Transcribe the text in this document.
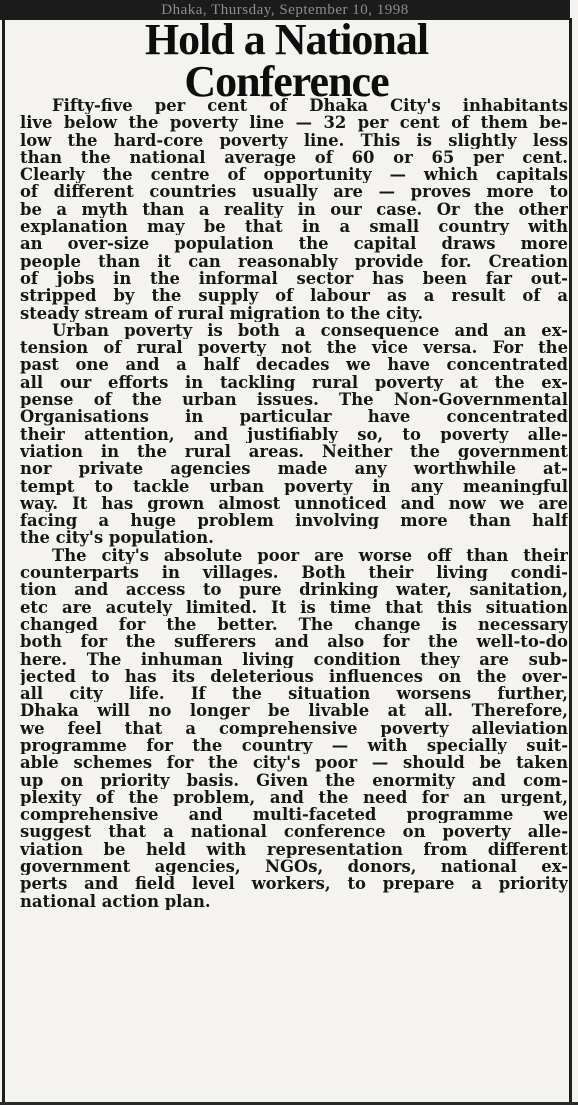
Dhaka, Thursday, September 10, 1998
Hold a National
Conference
Fifty-five per cent of Dhaka City's inhabitants
live below the poverty line — 32 per cent of them be-
low the hard-core poverty line. This is slightly less
than the national average of 60 or 65 per cent.
Clearly the centre of opportunity — which capitals
of different countries usually are — proves more to
be a myth than a reality in our case. Or the other
explanation may be that in a small country with
an over-size population the capital draws more
people than it can reasonably provide for. Creation
of jobs in the informal sector has been far out-
stripped by the supply of labour as a result of a
steady stream of rural migration to the city.
Urban poverty is both a consequence and an ex-
tension of rural poverty not the vice versa. For the
past one and a half decades we have concentrated
all our efforts in tackling rural poverty at the ex-
pense of the urban issues. The Non-Governmental
Organisations in particular have concentrated
their attention, and justifiably so, to poverty alle-
viation in the rural areas. Neither the government
nor private agencies made any worthwhile at-
tempt to tackle urban poverty in any meaningful
way. It has grown almost unnoticed and now we are
facing a huge problem involving more than half
the city's population.
The city's absolute poor are worse off than their
counterparts in villages. Both their living condi-
tion and access to pure drinking water, sanitation,
etc are acutely limited. It is time that this situation
changed for the better. The change is necessary
both for the sufferers and also for the well-to-do
here. The inhuman living condition they are sub-
jected to has its deleterious influences on the over-
all city life. If the situation worsens further,
Dhaka will no longer be livable at all. Therefore,
we feel that a comprehensive poverty alleviation
programme for the country — with specially suit-
able schemes for the city's poor — should be taken
up on priority basis. Given the enormity and com-
plexity of the problem, and the need for an urgent,
comprehensive and multi-faceted programme we
suggest that a national conference on poverty alle-
viation be held with representation from different
government agencies, NGOs, donors, national ex-
perts and field level workers, to prepare a priority
national action plan.
